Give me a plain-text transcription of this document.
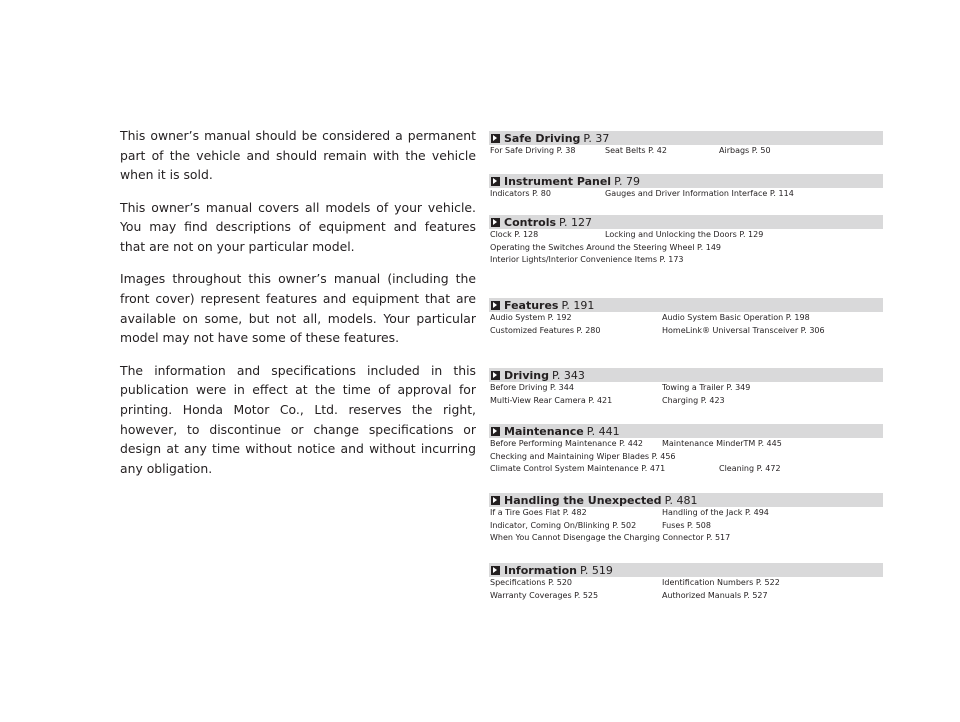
This owner’s manual should be considered a permanent part of the vehicle and should remain with the vehicle when it is sold.

This owner’s manual covers all models of your vehicle. You may find descriptions of equipment and features that are not on your particular model.

Images throughout this owner’s manual (including the front cover) represent features and equipment that are available on some, but not all, models. Your particular model may not have some of these features.

The information and specifications included in this publication were in effect at the time of approval for printing. Honda Motor Co., Ltd. reserves the right, however, to discontinue or change specifications or design at any time without notice and without incurring any obligation.

Safe Driving P. 37
For Safe Driving P. 38	Seat Belts P. 42	Airbags P. 50
Instrument Panel P. 79
Indicators P. 80	Gauges and Driver Information Interface P. 114
Controls P. 127
Clock P. 128	Locking and Unlocking the Doors P. 129
Operating the Switches Around the Steering Wheel P. 149
Interior Lights/Interior Convenience Items P. 173
Features P. 191
Audio System P. 192	Audio System Basic Operation P. 198
Customized Features P. 280	HomeLink® Universal Transceiver P. 306
Driving P. 343
Before Driving P. 344	Towing a Trailer P. 349
Multi-View Rear Camera P. 421	Charging P. 423
Maintenance P. 441
Before Performing Maintenance P. 442 Maintenance MinderTM P. 445
Checking and Maintaining Wiper Blades P. 456
Climate Control System Maintenance P. 471	Cleaning P. 472
Handling the Unexpected P. 481
If a Tire Goes Flat P. 482	Handling of the Jack P. 494
Indicator, Coming On/Blinking P. 502	Fuses P. 508
When You Cannot Disengage the Charging Connector P. 517
Information P. 519
Specifications P. 520	Identification Numbers P. 522
Warranty Coverages P. 525	Authorized Manuals P. 527
